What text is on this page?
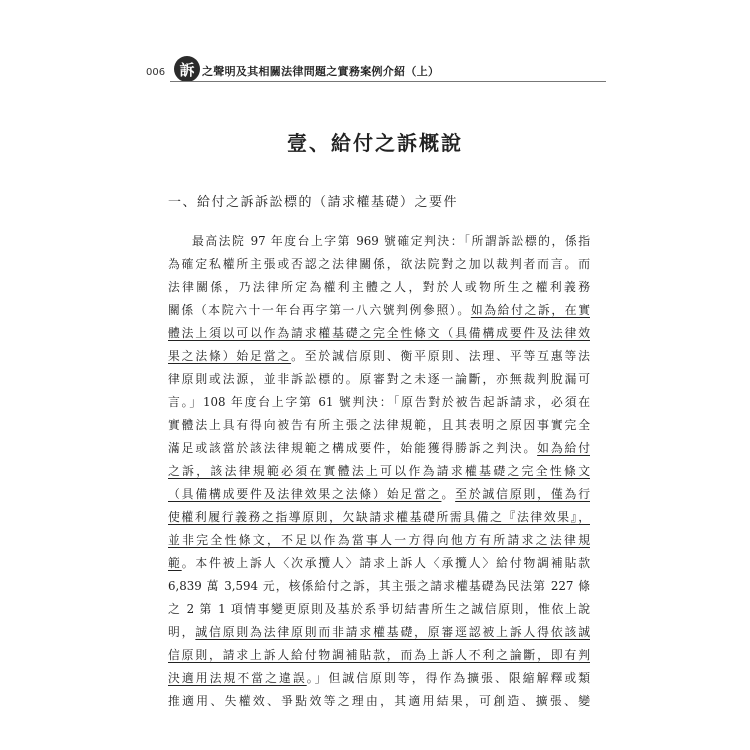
006 訴 之聲明及其相關法律問題之實務案例介紹（上）
壹、給付之訴概說
一、給付之訴訴訟標的（請求權基礎）之要件
最高法院 97 年度台上字第 969 號確定判決：「所謂訴訟標的，係指
為確定私權所主張或否認之法律關係，欲法院對之加以裁判者而言。而
法律關係，乃法律所定為權利主體之人，對於人或物所生之權利義務
關係（本院六十一年台再字第一八六號判例參照）。如為給付之訴，在實
體法上須以可以作為請求權基礎之完全性條文（具備構成要件及法律效
果之法條）始足當之。至於誠信原則、衡平原則、法理、平等互惠等法
律原則或法源，並非訴訟標的。原審對之未逐一論斷，亦無裁判脫漏可
言。」108 年度台上字第 61 號判決：「原告對於被告起訴請求，必須在
實體法上具有得向被告有所主張之法律規範，且其表明之原因事實完全
滿足或該當於該法律規範之構成要件，始能獲得勝訴之判決。如為給付
之訴，該法律規範必須在實體法上可以作為請求權基礎之完全性條文
（具備構成要件及法律效果之法條）始足當之。至於誠信原則，僅為行
使權利履行義務之指導原則，欠缺請求權基礎所需具備之『法律效果』，
並非完全性條文，不足以作為當事人一方得向他方有所請求之法律規
範。本件被上訴人〈次承攬人〉請求上訴人〈承攬人〉給付物調補貼款
6,839 萬 3,594 元，核係給付之訴，其主張之請求權基礎為民法第 227 條
之 2 第 1 項情事變更原則及基於系爭切結書所生之誠信原則，惟依上說
明，誠信原則為法律原則而非請求權基礎，原審逕認被上訴人得依該誠
信原則，請求上訴人給付物調補貼款，而為上訴人不利之論斷，即有判
決適用法規不當之違誤。」但誠信原則等，得作為擴張、限縮解釋或類
推適用、失權效、爭點效等之理由，其適用結果，可創造、擴張、變
